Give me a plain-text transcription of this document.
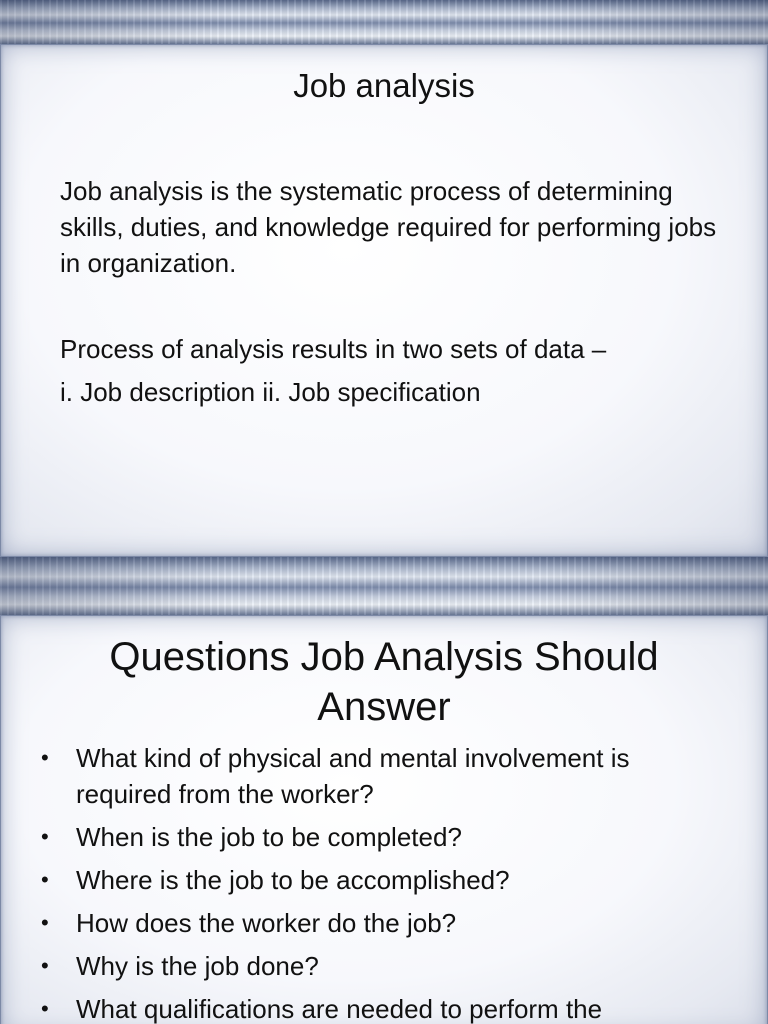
Job analysis

Job analysis is the systematic process of determining skills, duties, and knowledge required for performing jobs in organization.

Process of analysis results in two sets of data –

i. Job description ii. Job specification

Questions Job Analysis Should
Answer
• What kind of physical and mental involvement is required from the worker?
• When is the job to be completed?
• Where is the job to be accomplished?
• How does the worker do the job?
• Why is the job done?
• What qualifications are needed to perform the
